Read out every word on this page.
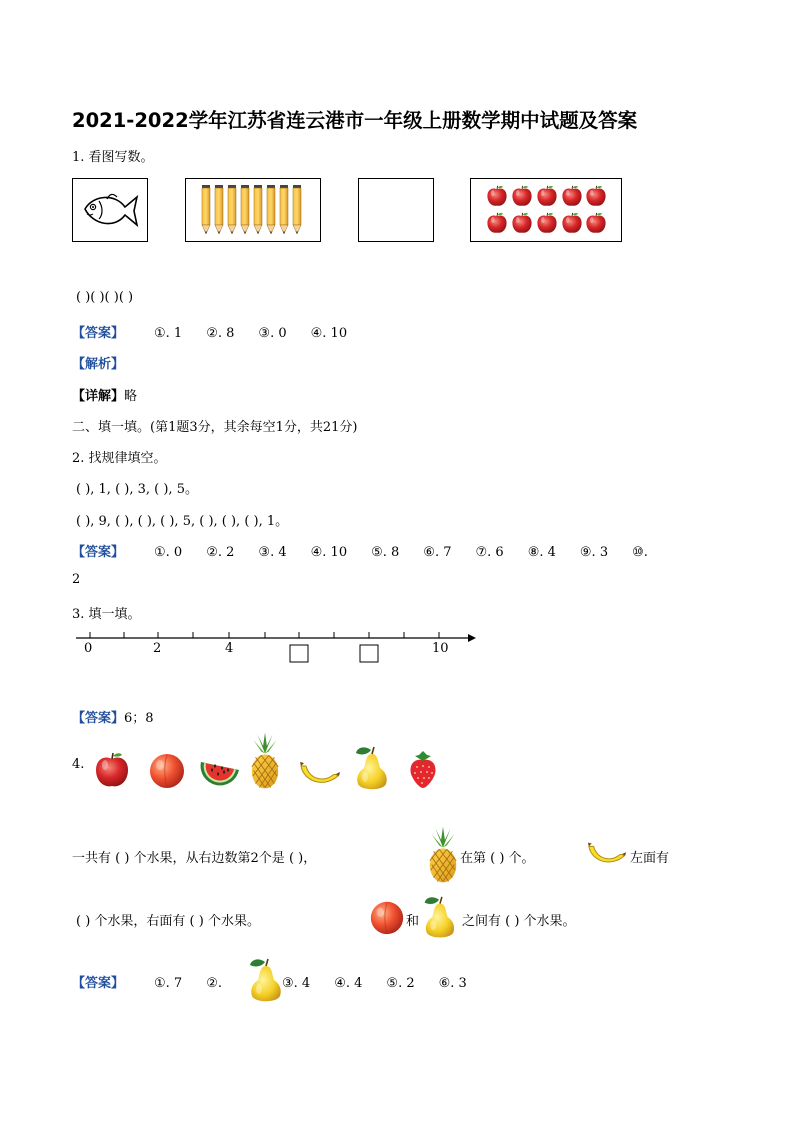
2021-2022学年江苏省连云港市一年级上册数学期中试题及答案
1. 看图写数。
( )( )( )( )
【答案】 ①. 1 ②. 8 ③. 0 ④. 10
【解析】
【详解】略
二、填一填。(第1题3分，其余每空1分，共21分)
2. 找规律填空。
( ), 1, ( ), 3, ( ), 5。
( ), 9, ( ), ( ), ( ), 5, ( ), ( ), ( ), 1。
【答案】 ①. 0 ②. 2 ③. 4 ④. 10 ⑤. 8 ⑥. 7 ⑦. 6 ⑧. 4 ⑨. 3 ⑩.
2
3. 填一填。
0	2	4	10
【答案】6；8
4.
一共有 ( ) 个水果，从右边数第2个是 ( )，	在第 ( ) 个。	左面有
( ) 个水果，右面有 ( ) 个水果。	和	之间有 ( ) 个水果。
【答案】 ①. 7 ②.	③. 4 ④. 4 ⑤. 2 ⑥. 3
